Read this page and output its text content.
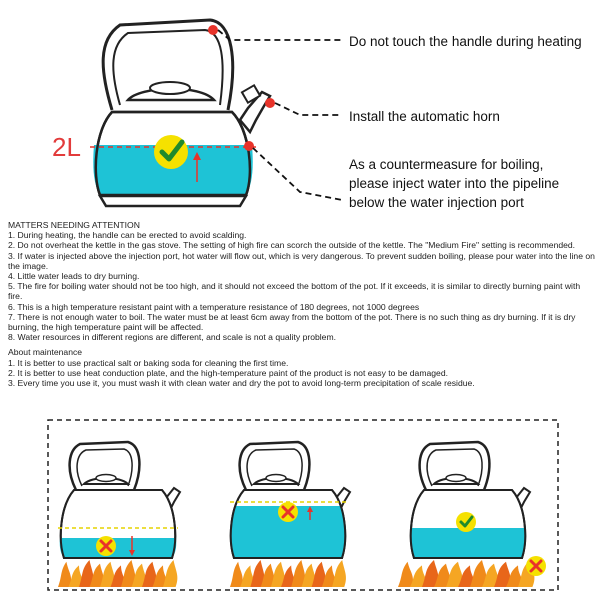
2L
Do not touch the handle during heating
Install the automatic horn
As a countermeasure for boiling,
please inject water into the pipeline
below the water injection port

MATTERS NEEDING ATTENTION

1. During heating, the handle can be erected to avoid scalding.

2. Do not overheat the kettle in the gas stove. The setting of high fire can scorch the outside of the kettle. The "Medium Fire" setting is recommended.

3. If water is injected above the injection port, hot water will flow out, which is very dangerous. To prevent sudden boiling, please pour water into the line on the image.

4. Little water leads to dry burning.

5. The fire for boiling water should not be too high, and it should not exceed the bottom of the pot. If it exceeds, it is similar to directly burning paint with fire.

6. This is a high temperature resistant paint with a temperature resistance of 180 degrees, not 1000 degrees

7. There is not enough water to boil. The water must be at least 6cm away from the bottom of the pot. There is no such thing as dry burning. If it is dry burning, the high temperature paint will be affected.

8. Water resources in different regions are different, and scale is not a quality problem.

About maintenance

1. It is better to use practical salt or baking soda for cleaning the first time.

2. It is better to use heat conduction plate, and the high-temperature paint of the product is not easy to be damaged.

3. Every time you use it, you must wash it with clean water and dry the pot to avoid long-term precipitation of scale residue.
